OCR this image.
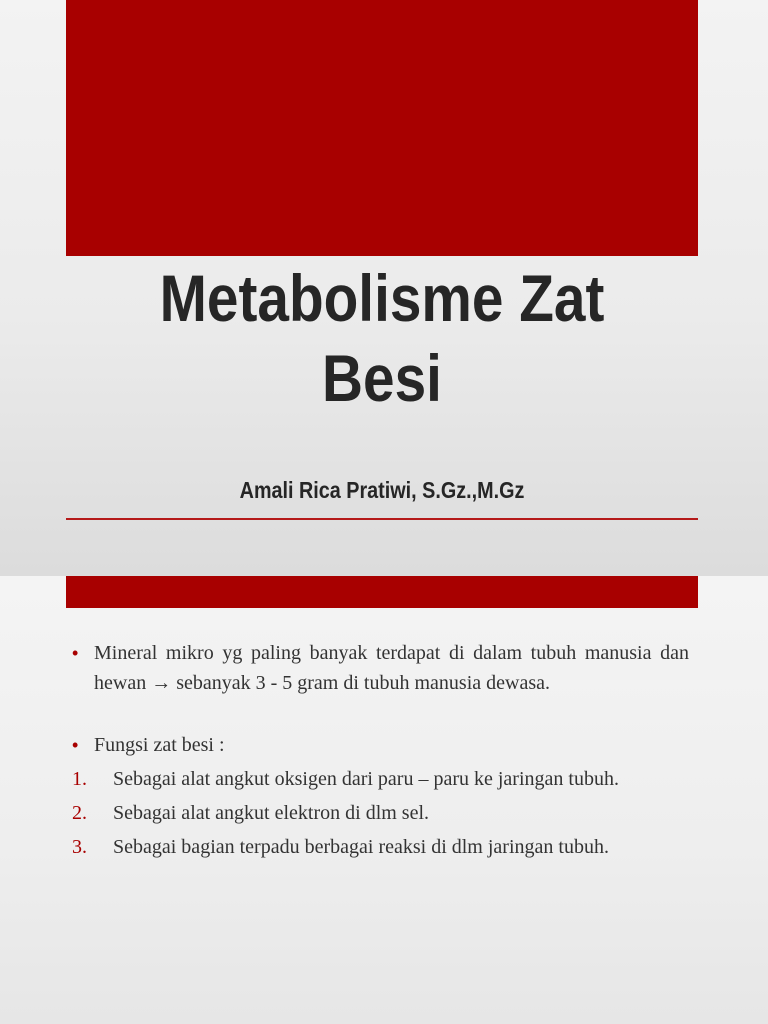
Metabolisme Zat Besi
Amali Rica Pratiwi, S.Gz.,M.Gz

• Mineral mikro yg paling banyak terdapat di dalam tubuh manusia dan hewan → sebanyak 3 - 5 gram di tubuh manusia dewasa.

• Fungsi zat besi :

1. Sebagai alat angkut oksigen dari paru – paru ke jaringan tubuh.

2. Sebagai alat angkut elektron di dlm sel.

3. Sebagai bagian terpadu berbagai reaksi di dlm jaringan tubuh.
